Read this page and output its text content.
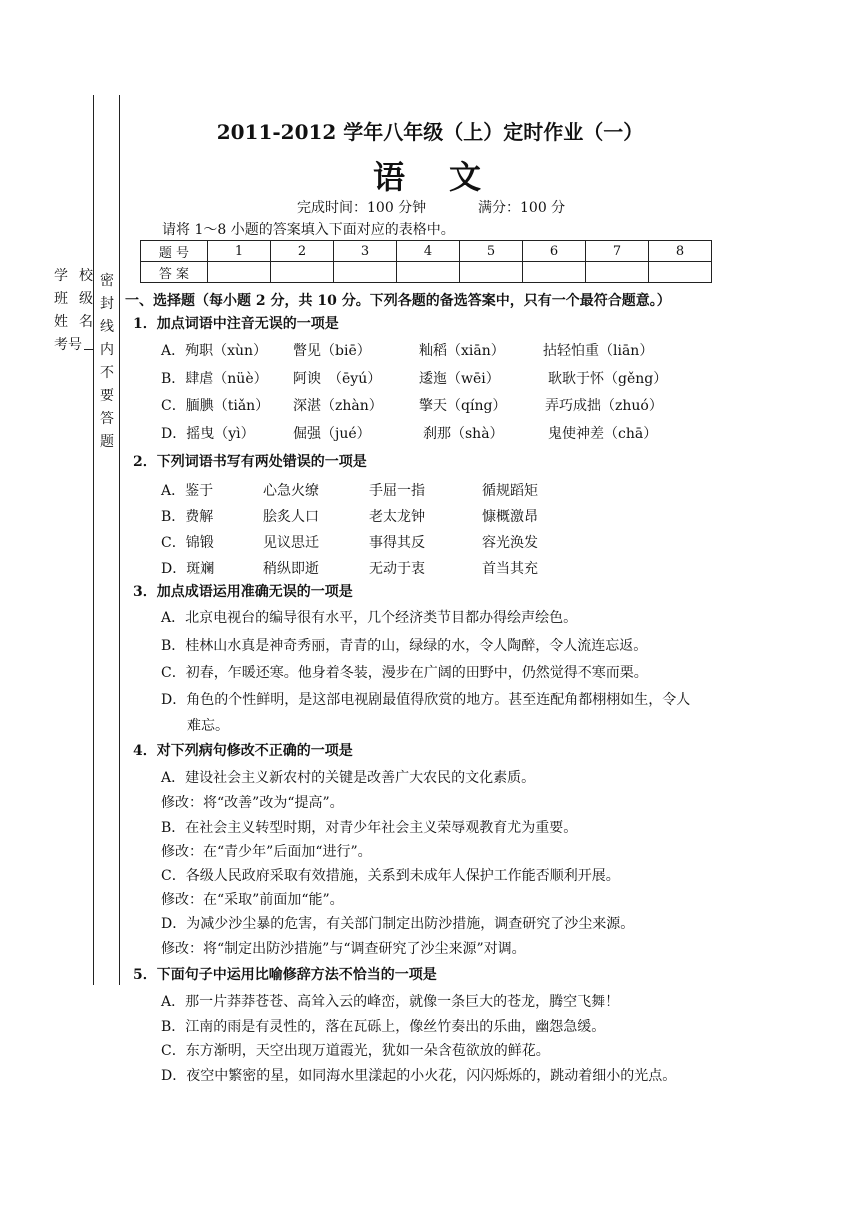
学
班
姓
考号
校
级
名
密
封
线
内
不
要
答
题
2011-2012 学年八年级（上）定时作业（一）
语　文
完成时间：100 分钟	满分：100 分
请将 1～8 小题的答案填入下面对应的表格中。
题 号	1	2	3	4	5	6	7	8
答 案								
一、选择题（每小题 2 分，共 10 分。下列各题的备选答案中，只有一个最符合题意。）
1．加点词语中注音无误的一项是
A．殉职（xùn） 瞥见（biē）	籼稻（xiān）	拈轻怕重（liān）
B．肆虐（nüè） 阿谀　（ēyú）	逶迤（wēi）	耿耿于怀（gěng）
C．腼腆（tiǎn） 深湛（zhàn）	擎天（qíng）	弄巧成拙（zhuó）
D．摇曳（yì）	倔强（jué）	刹那（shà）	鬼使神差（chā）
2．下列词语书写有两处错误的一项是
A．鉴于	心急火缭	手屈一指	循规蹈矩
B．费解	脍炙人口	老太龙钟	慷概激昂
C．锦锻	见议思迁	事得其反	容光涣发
D．斑斓	稍纵即逝	无动于衷	首当其充
3．加点成语运用准确无误的一项是
A．北京电视台的编导很有水平，几个经济类节目都办得绘声绘色。
B．桂林山水真是神奇秀丽，青青的山，绿绿的水，令人陶醉，令人流连忘返。
C．初春，乍暖还寒。他身着冬装，漫步在广阔的田野中，仍然觉得不寒而栗。
D．角色的个性鲜明，是这部电视剧最值得欣赏的地方。甚至连配角都栩栩如生，令人
难忘。
4．对下列病句修改不正确的一项是
A．建设社会主义新农村的关键是改善广大农民的文化素质。
修改：将“改善”改为“提高”。
B．在社会主义转型时期，对青少年社会主义荣辱观教育尤为重要。
修改：在“青少年”后面加“进行”。
C．各级人民政府采取有效措施，关系到未成年人保护工作能否顺利开展。
修改：在“采取”前面加“能”。
D．为减少沙尘暴的危害，有关部门制定出防沙措施，调查研究了沙尘来源。
修改：将“制定出防沙措施”与“调查研究了沙尘来源”对调。
5．下面句子中运用比喻修辞方法不恰当的一项是
A．那一片莽莽苍苍、高耸入云的峰峦，就像一条巨大的苍龙，腾空飞舞！
B．江南的雨是有灵性的，落在瓦砾上，像丝竹奏出的乐曲，幽怨急缓。
C．东方渐明，天空出现万道霞光，犹如一朵含苞欲放的鲜花。
D．夜空中繁密的星，如同海水里漾起的小火花，闪闪烁烁的，跳动着细小的光点。
